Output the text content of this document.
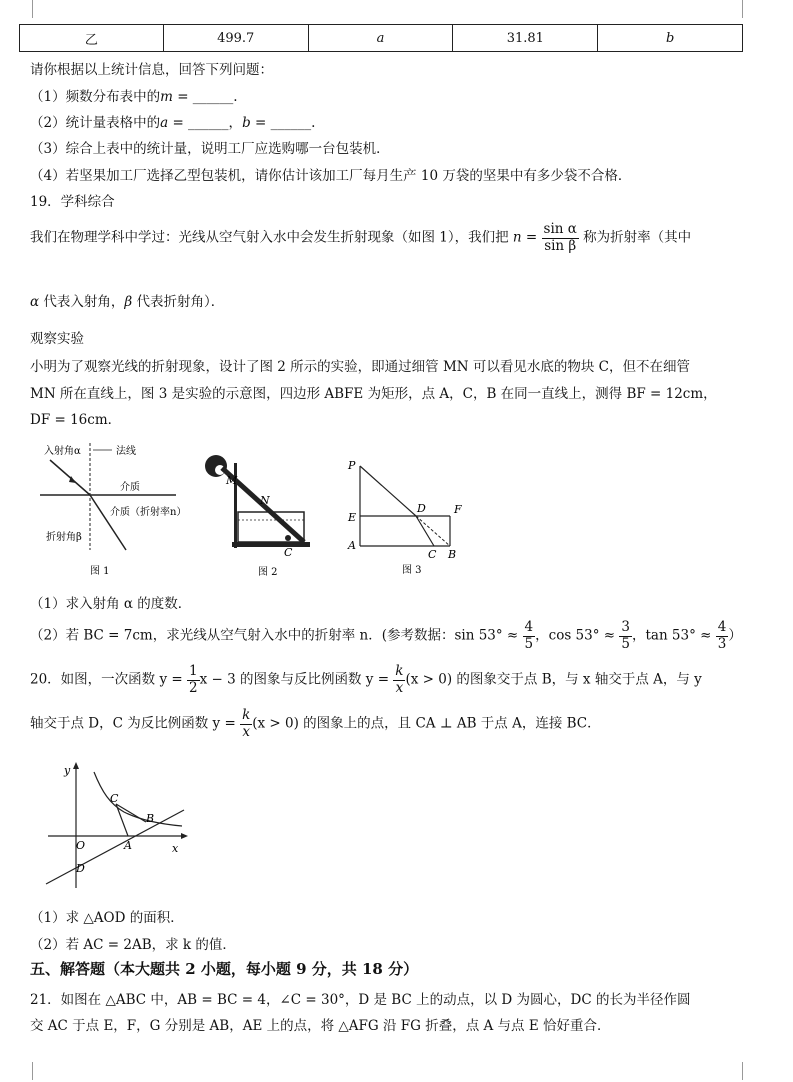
乙	499.7	a	31.81	b
请你根据以上统计信息，回答下列问题：
（1）频数分布表中的m = ______.
（2）统计量表格中的a = ______，b = ______.
（3）综合上表中的统计量，说明工厂应选购哪一台包装机．
（4）若坚果加工厂选择乙型包装机，请你估计该加工厂每月生产 10 万袋的坚果中有多少袋不合格．
19．学科综合
我们在物理学科中学过：光线从空气射入水中会发生折射现象（如图 1），我们把 $n = \frac{\text{sin α}}{\text{sin β}}$ 称为折射率（其中
α 代表入射角，β 代表折射角）．
观察实验
小明为了观察光线的折射现象，设计了图 2 所示的实验，即通过细管 MN 可以看见水底的物块 C，但不在细管
MN 所在直线上，图 3 是实验的示意图，四边形 ABFE 为矩形，点 A，C，B 在同一直线上，测得 BF = 12cm，
DF = 16cm．
入射角α	法线
介质
介质（折射率n）
折射角β
图 1
M
N
C
图 2
P
D	F
E
A
C B
图 3
（1）求入射角 α 的度数．
（2）若 BC = 7cm，求光线从空气射入水中的折射率 n．(参考数据：$\sin 53^\circ \approx \frac{4}{5}$ ，$\cos 53^\circ \approx \frac{3}{5}$ ，$\tan 53^\circ \approx \frac{4}{3}$ ）
20．如图，一次函数 $y = \frac{1}{2}$ x − 3 的图象与反比例函数 $y = \frac{k}{x} (x > 0)$ 的图象交于点 B，与 x 轴交于点 A，与 y
轴交于点 D，C 为反比例函数 $y = \frac{k}{x} (x > 0)$ 的图象上的点，且 CA ⊥ AB 于点 A，连接 BC．
y
x
O	A
B
C
D
（1）求 △AOD 的面积．
（2）若 AC = 2AB，求 k 的值．
五、解答题（本大题共 2 小题，每小题 9 分，共 18 分）
21．如图在 △ABC 中，AB = BC = 4，∠C = 30°，D 是 BC 上的动点，以 D 为圆心，DC 的长为半径作圆
交 AC 于点 E，F，G 分别是 AB，AE 上的点，将 △AFG 沿 FG 折叠，点 A 与点 E 恰好重合．
